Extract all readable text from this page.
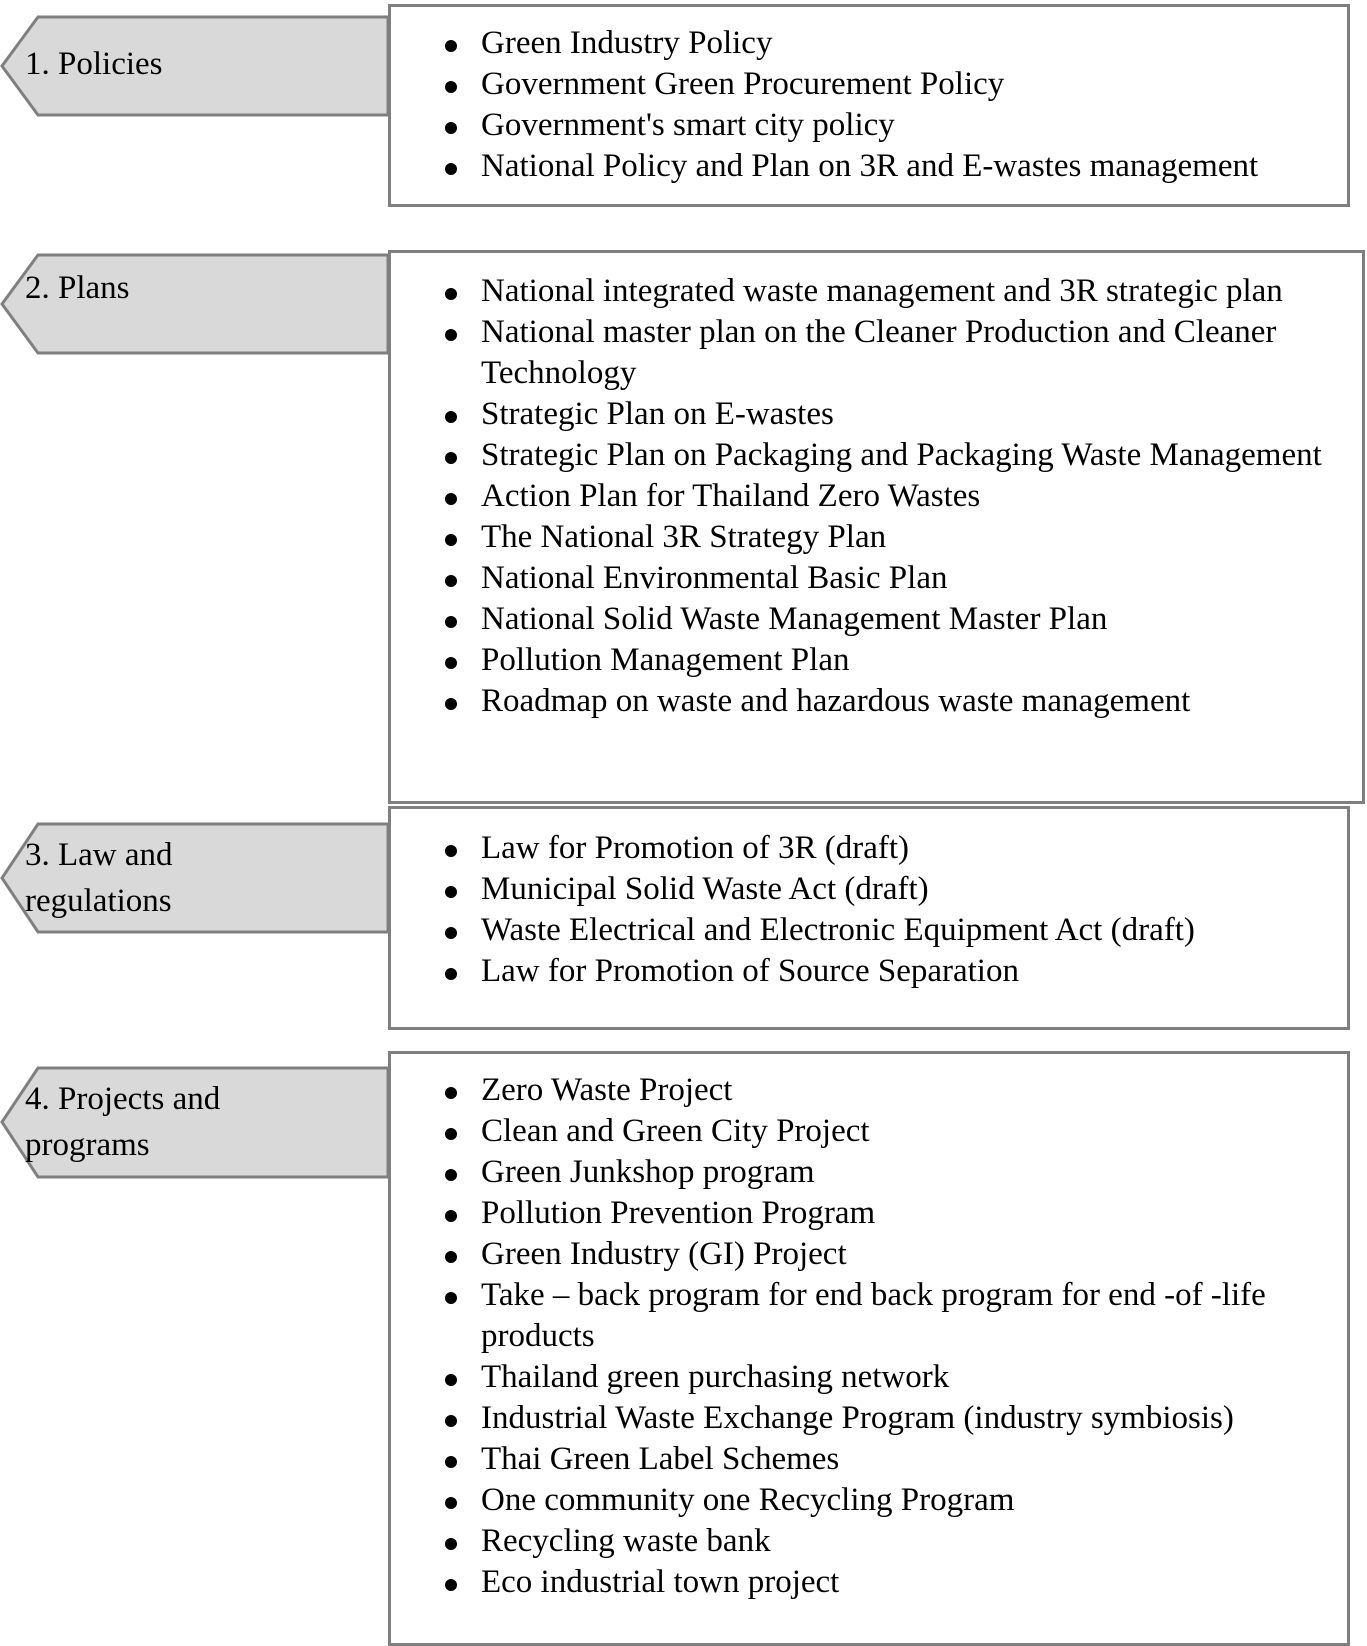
1. Policies

Green Industry Policy
Government Green Procurement Policy
Government's smart city policy
National Policy and Plan on 3R and E-wastes management

2. Plans	National integrated waste management and 3R strategic plan
National master plan on the Cleaner Production and Cleaner Technology
Strategic Plan on E-wastes
Strategic Plan on Packaging and Packaging Waste Management
Action Plan for Thailand Zero Wastes
The National 3R Strategy Plan
National Environmental Basic Plan
National Solid Waste Management Master Plan
Pollution Management Plan
Roadmap on waste and hazardous waste management

3. Law and
regulations

Law for Promotion of 3R (draft)
Municipal Solid Waste Act (draft)
Waste Electrical and Electronic Equipment Act (draft)
Law for Promotion of Source Separation

4. Projects and
programs

Zero Waste Project
Clean and Green City Project
Green Junkshop program
Pollution Prevention Program
Green Industry (GI) Project
Take – back program for end back program for end -of -life products
Thailand green purchasing network
Industrial Waste Exchange Program (industry symbiosis)
Thai Green Label Schemes
One community one Recycling Program
Recycling waste bank
Eco industrial town project
